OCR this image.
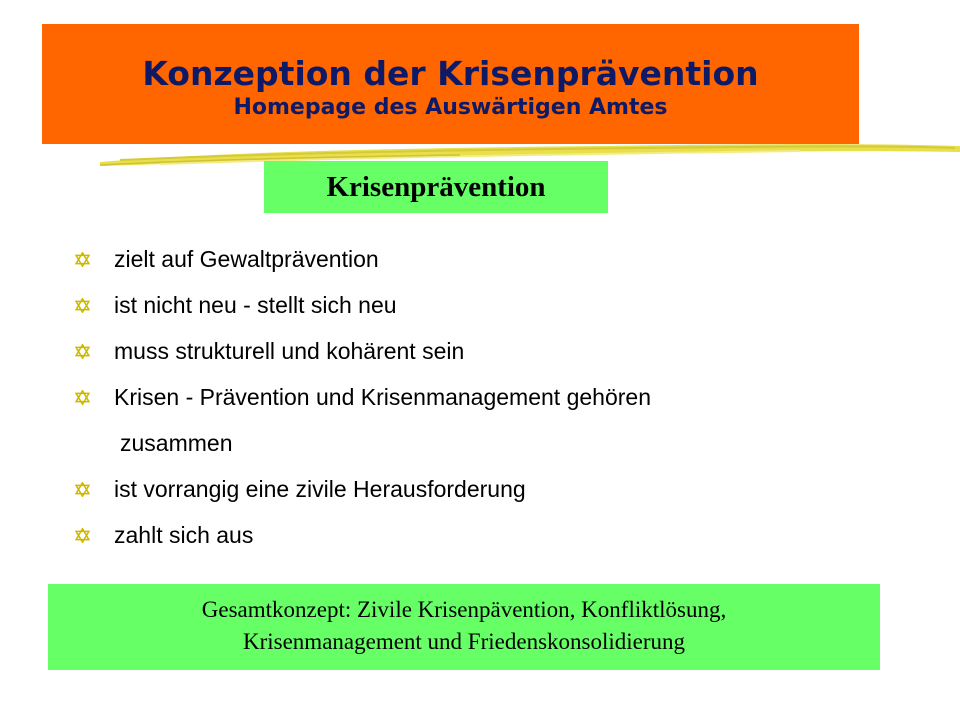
Konzeption der Krisenprävention
Homepage des Auswärtigen Amtes
Krisenprävention
zielt auf Gewaltprävention
ist nicht neu - stellt sich neu
muss strukturell und kohärent sein
Krisen - Prävention und Krisenmanagement gehören
zusammen
ist vorrangig eine zivile Herausforderung
zahlt sich aus
Gesamtkonzept: Zivile Krisenpävention, Konfliktlösung,
Krisenmanagement und Friedenskonsolidierung
